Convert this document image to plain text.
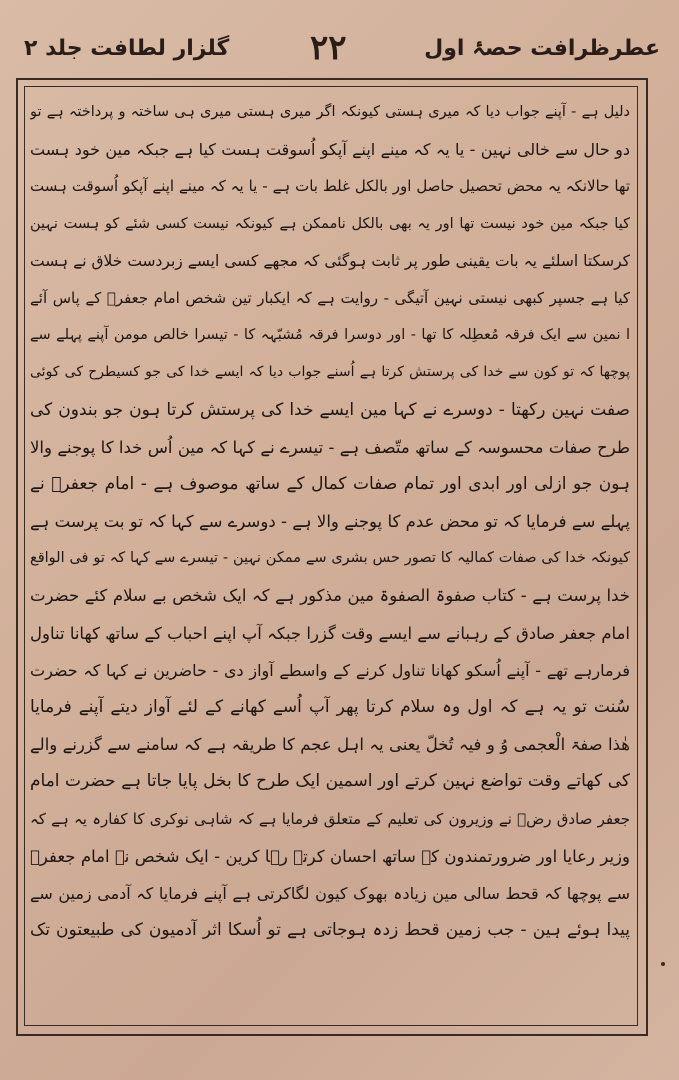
عطرظرافت حصۂ اول
۲۲
گلزار لطافت جلد ۲
دلیل ہے - آپنے جواب دیا کہ میری ہستی کیونکہ اگر میری ہستی میری ہی ساختہ و پرداختہ ہے تو
دو حال سے خالی نہین - یا یہ کہ مینے اپنے آپکو اُسوقت ہست کیا ہے جبکہ مین خود ہست
تھا حالانکہ یہ محض تحصیل حاصل اور بالکل غلط بات ہے - یا یہ کہ مینے اپنے آپکو اُسوقت ہست
کیا جبکہ مین خود نیست تھا اور یہ بھی بالکل ناممکن ہے کیونکہ نیست کسی شئے کو ہست نہین
کرسکتا اسلئے یہ بات یقینی طور پر ثابت ہوگئی کہ مجھے کسی ایسے زبردست خلاق نے ہست
کیا ہے جسپر کبھی نیستی نہین آتیگی - روایت ہے کہ ایکبار تین شخص امام جعفرؓ کے پاس آئے
ا نمین سے ایک فرقہ مُعطِلہ کا تھا - اور دوسرا فرقہ مُشبّہہ کا - تیسرا خالص مومن آپنے پہلے سے
پوچھا کہ تو کون سے خدا کی پرستش کرتا ہے اُسنے جواب دیا کہ ایسے خدا کی جو کسیطرح کی کوئی
صفت نہین رکھتا - دوسرے نے کہا مین ایسے خدا کی پرستش کرتا ہون جو بندون کی
طرح صفات محسوسہ کے ساتھ متّصف ہے - تیسرے نے کہا کہ مین اُس خدا کا پوجنے والا
ہون جو ازلی اور ابدی اور تمام صفات کمال کے ساتھ موصوف ہے - امام جعفرؓ نے
پہلے سے فرمایا کہ تو محض عدم کا پوجنے والا ہے - دوسرے سے کہا کہ تو بت پرست ہے
کیونکہ خدا کی صفات کمالیہ کا تصور حس بشری سے ممکن نہین - تیسرے سے کہا کہ تو فی الواقع
خدا پرست ہے - کتاب صفوۃ الصفوۃ مین مذکور ہے کہ ایک شخص بے سلام کئے حضرت
امام جعفر صادق کے رہبانے سے ایسے وقت گزرا جبکہ آپ اپنے احباب کے ساتھ کھانا تناول
فرمارہے تھے - آپنے اُسکو کھانا تناول کرنے کے واسطے آواز دی - حاضرین نے کہا کہ حضرت
سُنت تو یہ ہے کہ اول وہ سلام کرتا پھر آپ اُسے کھانے کے لئے آواز دیتے آپنے فرمایا
ھٰذا صفۃ الْعجمی وُ و فیہ تُخلّ یعنی یہ اہل عجم کا طریقہ ہے کہ سامنے سے گزرنے والے
کی کھاتے وقت تواضع نہین کرتے اور اسمین ایک طرح کا بخل پایا جاتا ہے حضرت امام
جعفر صادق رضؓ نے وزیرون کی تعلیم کے متعلق فرمایا ہے کہ شاہی نوکری کا کفارہ یہ ہے کہ
وزیر رعایا اور ضرورتمندون کے ساتھ احسان کرتے رہا کرین - ایک شخص نے امام جعفرؓ
سے پوچھا کہ قحط سالی مین زیادہ بھوک کیون لگاکرتی ہے آپنے فرمایا کہ آدمی زمین سے
پیدا ہوئے ہین - جب زمین قحط زدہ ہوجاتی ہے تو اُسکا اثر آدمیون کی طبیعتون تک
